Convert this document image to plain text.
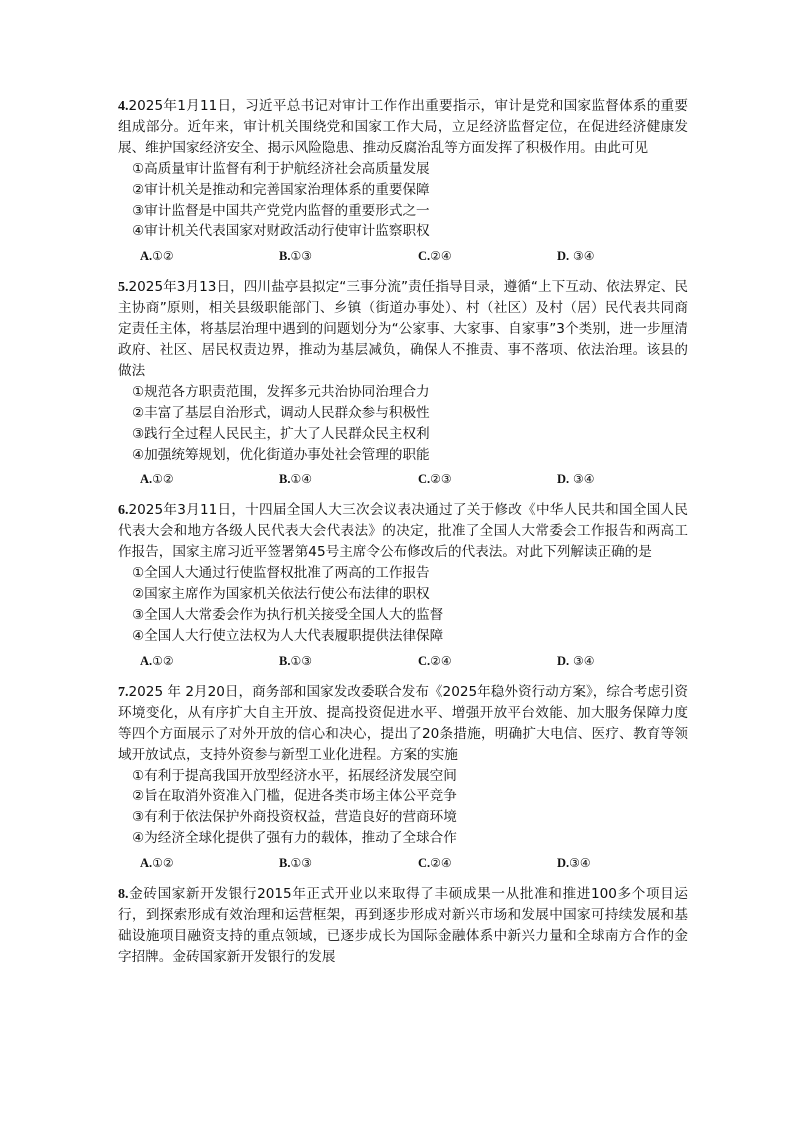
4.2025年1月11日，习近平总书记对审计工作作出重要指示，审计是党和国家监督体系的重要组成部分。近年来，审计机关围绕党和国家工作大局，立足经济监督定位，在促进经济健康发展、维护国家经济安全、揭示风险隐患、推动反腐治乱等方面发挥了积极作用。由此可见

①高质量审计监督有利于护航经济社会高质量发展
②审计机关是推动和完善国家治理体系的重要保障
③审计监督是中国共产党党内监督的重要形式之一
④审计机关代表国家对财政活动行使审计监察职权
A.①②	B.①③	C.②④	D. ③④

5.2025年3月13日，四川盐亭县拟定“三事分流”责任指导目录，遵循“上下互动、依法界定、民主协商”原则，相关县级职能部门、乡镇（街道办事处）、村（社区）及村（居）民代表共同商定责任主体，将基层治理中遇到的问题划分为“公家事、大家事、自家事”3个类别，进一步厘清政府、社区、居民权责边界，推动为基层减负，确保人不推责、事不落项、依法治理。该县的做法

①规范各方职责范围，发挥多元共治协同治理合力
②丰富了基层自治形式，调动人民群众参与积极性
③践行全过程人民民主，扩大了人民群众民主权利
④加强统筹规划，优化街道办事处社会管理的职能
A.①②	B.①④	C.②③	D. ③④

6.2025年3月11日，十四届全国人大三次会议表决通过了关于修改《中华人民共和国全国人民代表大会和地方各级人民代表大会代表法》的决定，批准了全国人大常委会工作报告和两高工作报告，国家主席习近平签署第45号主席令公布修改后的代表法。对此下列解读正确的是

①全国人大通过行使监督权批准了两高的工作报告
②国家主席作为国家机关依法行使公布法律的职权
③全国人大常委会作为执行机关接受全国人大的监督
④全国人大行使立法权为人大代表履职提供法律保障
A.①②	B.①③	C.②④	D. ③④

7.2025 年 2月20日，商务部和国家发改委联合发布《2025年稳外资行动方案》，综合考虑引资环境变化，从有序扩大自主开放、提高投资促进水平、增强开放平台效能、加大服务保障力度等四个方面展示了对外开放的信心和决心，提出了20条措施，明确扩大电信、医疗、教育等领域开放试点，支持外资参与新型工业化进程。方案的实施

①有利于提高我国开放型经济水平，拓展经济发展空间
②旨在取消外资准入门槛，促进各类市场主体公平竞争
③有利于依法保护外商投资权益，营造良好的营商环境
④为经济全球化提供了强有力的载体，推动了全球合作
A.①②	B.①③	C.②④	D.③④

8.金砖国家新开发银行2015年正式开业以来取得了丰硕成果一从批准和推进100多个项目运行，到探索形成有效治理和运营框架，再到逐步形成对新兴市场和发展中国家可持续发展和基础设施项目融资支持的重点领域，已逐步成长为国际金融体系中新兴力量和全球南方合作的金字招牌。金砖国家新开发银行的发展
